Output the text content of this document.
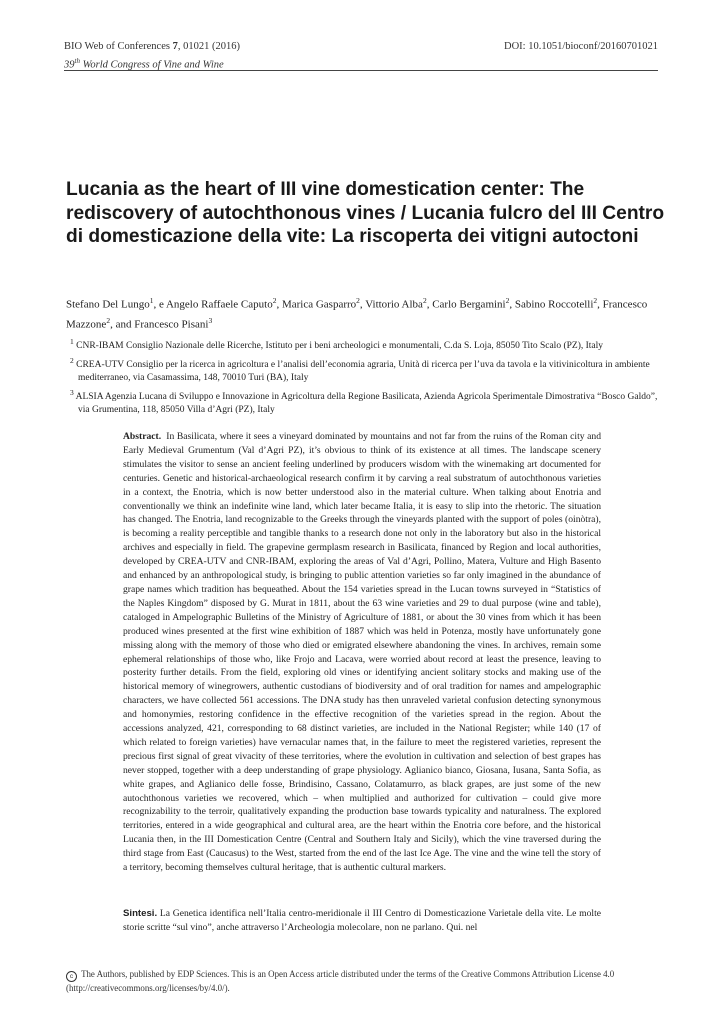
BIO Web of Conferences 7, 01021 (2016)	DOI: 10.1051/bioconf/20160701021
39th World Congress of Vine and Wine
Lucania as the heart of III vine domestication center: The rediscovery of autochthonous vines / Lucania fulcro del III Centro di domesticazione della vite: La riscoperta dei vitigni autoctoni
Stefano Del Lungo$^1$, e Angelo Raffaele Caputo$^2$, Marica Gasparro$^2$, Vittorio Alba$^2$, Carlo Bergamini$^2$, Sabino Roccotelli$^2$, Francesco Mazzone$^2$, and Francesco Pisani$^3$

$^1$ CNR-IBAM Consiglio Nazionale delle Ricerche, Istituto per i beni archeologici e monumentali, C.da S. Loja, 85050 Tito Scalo (PZ), Italy

$^2$ CREA-UTV Consiglio per la ricerca in agricoltura e l’analisi dell’economia agraria, Unità di ricerca per l’uva da tavola e la vitivinicoltura in ambiente mediterraneo, via Casamassima, 148, 70010 Turi (BA), Italy

$^3$ ALSIA Agenzia Lucana di Sviluppo e Innovazione in Agricoltura della Regione Basilicata, Azienda Agricola Sperimentale Dimostrativa “Bosco Galdo”, via Grumentina, 118, 85050 Villa d’Agri (PZ), Italy

Abstract. In Basilicata, where it sees a vineyard dominated by mountains and not far from the ruins of the Roman city and Early Medieval Grumentum (Val d’Agri PZ), it’s obvious to think of its existence at all times. The landscape scenery stimulates the visitor to sense an ancient feeling underlined by producers wisdom with the winemaking art documented for centuries. Genetic and historical-archaeological research confirm it by carving a real substratum of autochthonous varieties in a context, the Enotria, which is now better understood also in the material culture. When talking about Enotria and conventionally we think an indefinite wine land, which later became Italia, it is easy to slip into the rhetoric. The situation has changed. The Enotria, land recognizable to the Greeks through the vineyards planted with the support of poles (oinòtra), is becoming a reality perceptible and tangible thanks to a research done not only in the laboratory but also in the historical archives and especially in field. The grapevine germplasm research in Basilicata, financed by Region and local authorities, developed by CREA-UTV and CNR-IBAM, exploring the areas of Val d’Agri, Pollino, Matera, Vulture and High Basento and enhanced by an anthropological study, is bringing to public attention varieties so far only imagined in the abundance of grape names which tradition has bequeathed. About the 154 varieties spread in the Lucan towns surveyed in “Statistics of the Naples Kingdom” disposed by G. Murat in 1811, about the 63 wine varieties and 29 to dual purpose (wine and table), cataloged in Ampelographic Bulletins of the Ministry of Agriculture of 1881, or about the 30 vines from which it has been produced wines presented at the first wine exhibition of 1887 which was held in Potenza, mostly have unfortunately gone missing along with the memory of those who died or emigrated elsewhere abandoning the vines. In archives, remain some ephemeral relationships of those who, like Frojo and Lacava, were worried about record at least the presence, leaving to posterity further details. From the field, exploring old vines or identifying ancient solitary stocks and making use of the historical memory of winegrowers, authentic custodians of biodiversity and of oral tradition for names and ampelographic characters, we have collected 561 accessions. The DNA study has then unraveled varietal confusion detecting synonymous and homonymies, restoring confidence in the effective recognition of the varieties spread in the region. About the accessions analyzed, 421, corresponding to 68 distinct varieties, are included in the National Register; while 140 (17 of which related to foreign varieties) have vernacular names that, in the failure to meet the registered varieties, represent the precious first signal of great vivacity of these territories, where the evolution in cultivation and selection of best grapes has never stopped, together with a deep understanding of grape physiology. Aglianico bianco, Giosana, Iusana, Santa Sofia, as white grapes, and Aglianico delle fosse, Brindisino, Cassano, Colatamurro, as black grapes, are just some of the new autochthonous varieties we recovered, which – when multiplied and authorized for cultivation – could give more recognizability to the terroir, qualitatively expanding the production base towards typicality and naturalness. The explored territories, entered in a wide geographical and cultural area, are the heart within the Enotria core before, and the historical Lucania then, in the III Domestication Centre (Central and Southern Italy and Sicily), which the vine traversed during the third stage from East (Caucasus) to the West, started from the end of the last Ice Age. The vine and the wine tell the story of a territory, becoming themselves cultural heritage, that is authentic cultural markers.

Sintesi. La Genetica identifica nell’Italia centro-meridionale il III Centro di Domesticazione Varietale della vite. Le molte storie scritte “sul vino”, anche attraverso l’Archeologia molecolare, non ne parlano. Qui. nel

c The Authors, published by EDP Sciences. This is an Open Access article distributed under the terms of the Creative Commons Attribution License 4.0 (http://creativecommons.org/licenses/by/4.0/).
